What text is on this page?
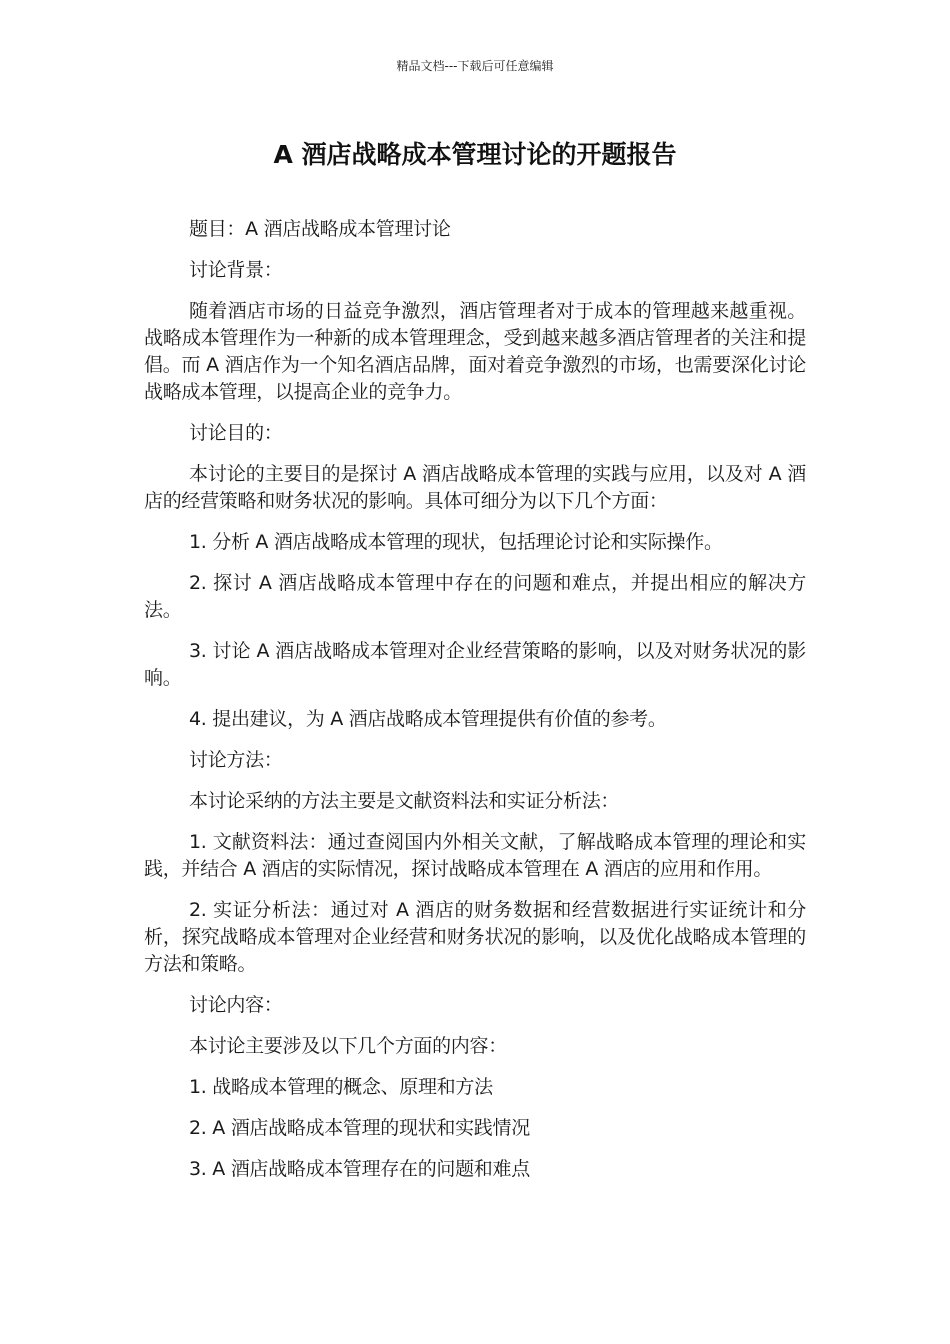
精品文档---下载后可任意编辑
A 酒店战略成本管理讨论的开题报告

题目：A 酒店战略成本管理讨论

讨论背景：

随着酒店市场的日益竞争激烈，酒店管理者对于成本的管理越来越重视。战略成本管理作为一种新的成本管理理念，受到越来越多酒店管理者的关注和提倡。而 A 酒店作为一个知名酒店品牌，面对着竞争激烈的市场，也需要深化讨论战略成本管理，以提高企业的竞争力。

讨论目的：

本讨论的主要目的是探讨 A 酒店战略成本管理的实践与应用，以及对 A 酒店的经营策略和财务状况的影响。具体可细分为以下几个方面：

1. 分析 A 酒店战略成本管理的现状，包括理论讨论和实际操作。

2. 探讨 A 酒店战略成本管理中存在的问题和难点，并提出相应的解决方法。

3. 讨论 A 酒店战略成本管理对企业经营策略的影响，以及对财务状况的影响。

4. 提出建议，为 A 酒店战略成本管理提供有价值的参考。

讨论方法：

本讨论采纳的方法主要是文献资料法和实证分析法：

1. 文献资料法：通过查阅国内外相关文献，了解战略成本管理的理论和实践，并结合 A 酒店的实际情况，探讨战略成本管理在 A 酒店的应用和作用。

2. 实证分析法：通过对 A 酒店的财务数据和经营数据进行实证统计和分析，探究战略成本管理对企业经营和财务状况的影响，以及优化战略成本管理的方法和策略。

讨论内容：

本讨论主要涉及以下几个方面的内容：

1. 战略成本管理的概念、原理和方法

2. A 酒店战略成本管理的现状和实践情况

3. A 酒店战略成本管理存在的问题和难点
